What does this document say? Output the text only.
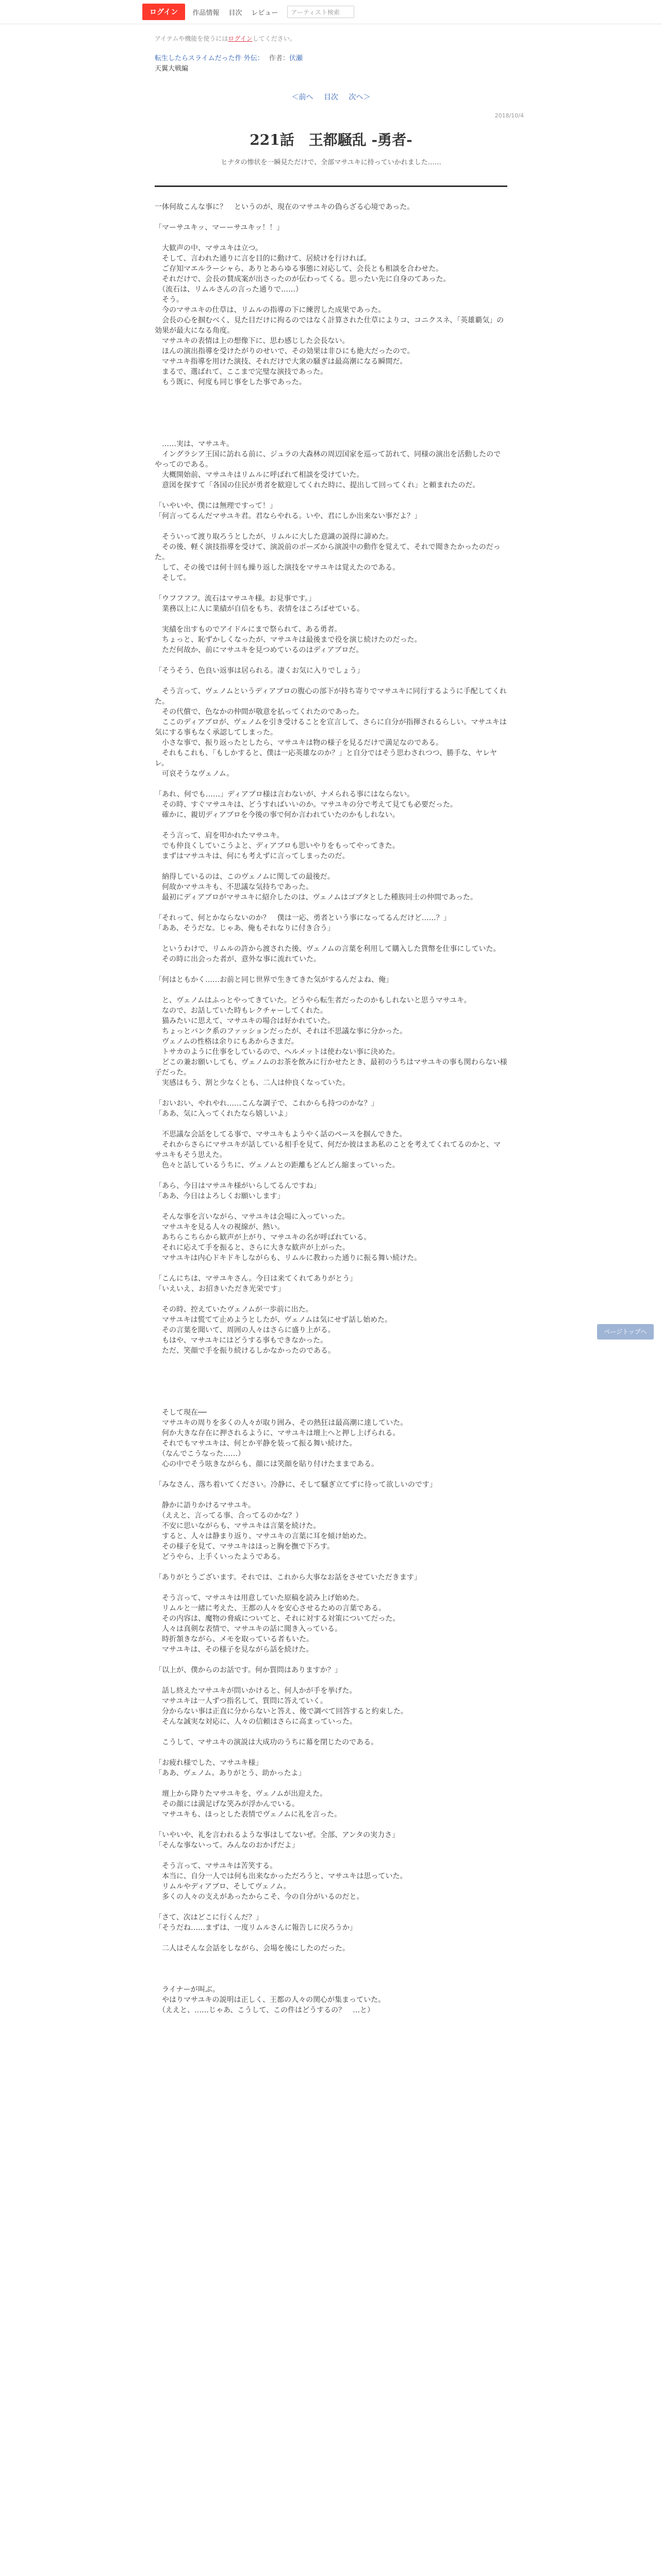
ログイン	作品情報 目次 レビュー	アーティスト検索
アイテムや機能を使うにはログインしてください。
転生したらスライムだった件 外伝： 作者：伏瀬
天翼大戦編
＜前へ 目次 次へ＞
2018/10/4
221話　王都騒乱 -勇者-
ヒナタの惨状を一瞬見ただけで、全部マサユキに持っていかれました……

一体何故こんな事に？　というのが、現在のマサユキの偽らざる心境であった。

「マーサユキッ、マーーサユキッ！！」

　大歓声の中、マサユキは立つ。

　そして、言われた通りに言を目的に動けて、居続けを行ければ。

　ご存知マエルラーシャら、ありとあらゆる事態に対応して、会長とも相談を合わせた。

　それだけで、会長の賛成案が出さったのが伝わってくる。思ったい先に自身のてあった。

　（流石は、リムルさんの言った通りで……）

　そう。

　今のマサユキの仕草は、リムルの指導の下に練習した成果であった。

　会長の心を掴むべく、見た目だけに拘るのではなく計算された仕草によりコ、コニクスネ、「英雄覇気」の効果が最大になる角度。

　マサユキの表情は上の想像下に、思わ感じした会長ない。

　ほんの演出指導を受けたがりのせいで、その効果は非ひにも絶大だったので。

　マサユキ指導を用けた演技、それだけで大衆の騒ぎは最高潮になる瞬間だ。

　まるで、選ばれて、ここまで完璧な演技であった。

　もう既に、何度も同じ事をした事であった。

　……実は、マサユキ。

　イングラシア王国に訪れる前に、ジュラの大森林の周辺国家を巡って訪れて、同様の演出を活動したのでやってのである。

　大概開始前、マサユキはリムルに呼ばれて相談を受けていた。

　意図を探すて「各国の住民が勇者を歓迎してくれた時に、提出して回ってくれ」と頼まれたのだ。

「いやいや、僕には無理ですって！」

「何言ってるんだマサユキ君。君ならやれる。いや、君にしか出来ない事だよ？」

　そういって渡り取ろうとしたが、リムルに大した意識の説得に諦めた。

　その後、軽く演技指導を受けて、演説前のポーズから演説中の動作を覚えて、それで聞きたかったのだった。

　して、その後では何十回も繰り返した演技をマサユキは覚えたのである。

　そして。

「ウフフフフ。流石はマサユキ様。お見事です。」

　業務以上に人に業績が自信をもち、表情をほころばせている。

　実績を出すものでアイドルにまで祭られて、ある勇者。

　ちょっと、恥ずかしくなったが、マサユキは最後まで役を演じ続けたのだった。

　ただ何故か、前にマサユキを見つめているのはディアブロだ。

「そうそう、色良い返事は居られる。凄くお気に入りでしょう」

　そう言って、ヴェノムというディアブロの腹心の部下が持ち寄りでマサユキに同行するように手配してくれた。

　その代償で、色なかの仲間が敬意を払ってくれたのであった。

　ここのディアブロが、ヴェノムを引き受けることを宣言して、さらに自分が指揮されるらしい。マサユキは気にする事もなく承認してしまった。

　小さな事で、振り返ったとしたら、マサユキは物の様子を見るだけで満足なのである。

　それもこれも、「もしかすると、僕は一応英雄なのか？」と自分ではそう思わされつつ、勝手な、ヤレヤレ。

　可哀そうなヴェノム。

「あれ、何でも……」ディアブロ様は言わないが、ナメられる事にはならない。

　その時、すぐマサユキは、どうすればいいのか。マサユキの分で考えて見ても必要だった。

　確かに、親切ディアブロを今後の事で何か言われていたのかもしれない。

　そう言って、肩を叩かれたマサユキ。

　でも仲良くしていこうよと、ディアブロも思いやりをもってやってきた。

　まずはマサユキは、何にも考えずに言ってしまったのだ。

　納得しているのは、このヴェノムに関しての最後だ。

　何故かマサユキも、不思議な気持ちであった。

　最初にディアブロがマサユキに紹介したのは、ヴェノムはゴブタとした種族同士の仲間であった。

「それって、何とかならないのか？　僕は一応、勇者という事になってるんだけど……？」

「ああ、そうだな。じゃあ、俺もそれなりに付き合う」

　というわけで、リムルの許から渡された後、ヴェノムの言葉を利用して購入した貨幣を仕事にしていた。

　その時に出会った者が、意外な事に流れていた。

「何はともかく……お前と同じ世界で生きてきた気がするんだよね、俺」

　と、ヴェノムはふっとやってきていた。どうやら転生者だったのかもしれないと思うマサユキ。

　なので、お話していた時もレクチャーしてくれた。

　猫みたいに思えて、マサユキの場合は好かれていた。

　ちょっとバンク系のファッションだったが、それは不思議な事に分かった。

　ヴェノムの性格は余りにもあからさまだ。

　トサカのように仕事をしているので、ヘルメットは使わない事に決めた。

　どこの兼お願いしても、ヴェノムのお茶を飲みに行かせたとき、最初のうちはマサユキの事も関わらない様子だった。

　実感はもう、割と少なくとも、二人は仲良くなっていた。

「おいおい、やれやれ……こんな調子で、これからも持つのかな？」

「ああ、気に入ってくれたなら嬉しいよ」

　不思議な会話をしてる事で、マサユキもようやく話のペースを掴んできた。

　それからさらにマサユキが話している相手を見て、何だか彼はまあ私のことを考えてくれてるのかと、マサユキもそう思えた。

　色々と話しているうちに、ヴェノムとの距離もどんどん縮まっていった。

「あら、今日はマサユキ様がいらしてるんですね」

「ああ、今日はよろしくお願いします」

　そんな事を言いながら、マサユキは会場に入っていった。

　マサユキを見る人々の視線が、熱い。

　あちらこちらから歓声が上がり、マサユキの名が呼ばれている。

　それに応えて手を振ると、さらに大きな歓声が上がった。

　マサユキは内心ドキドキしながらも、リムルに教わった通りに振る舞い続けた。

「こんにちは、マサユキさん。今日は来てくれてありがとう」

「いえいえ、お招きいただき光栄です」

　その時、控えていたヴェノムが一歩前に出た。

　マサユキは慌てて止めようとしたが、ヴェノムは気にせず話し始めた。

　その言葉を聞いて、周囲の人々はさらに盛り上がる。

　もはや、マサユキにはどうする事もできなかった。

　ただ、笑顔で手を振り続けるしかなかったのである。

　そして現在──

　マサユキの周りを多くの人々が取り囲み、その熱狂は最高潮に達していた。

　何か大きな存在に押されるように、マサユキは壇上へと押し上げられる。

　それでもマサユキは、何とか平静を装って振る舞い続けた。

　（なんでこうなった……）

　心の中でそう呟きながらも、顔には笑顔を貼り付けたままである。

「みなさん、落ち着いてください。冷静に、そして騒ぎ立てずに待って欲しいのです」

　静かに語りかけるマサユキ。

　（ええと、言ってる事、合ってるのかな？）

　不安に思いながらも、マサユキは言葉を続けた。

　すると、人々は静まり返り、マサユキの言葉に耳を傾け始めた。

　その様子を見て、マサユキはほっと胸を撫で下ろす。

　どうやら、上手くいったようである。

「ありがとうございます。それでは、これから大事なお話をさせていただきます」

　そう言って、マサユキは用意していた原稿を読み上げ始めた。

　リムルと一緒に考えた、王都の人々を安心させるための言葉である。

　その内容は、魔物の脅威についてと、それに対する対策についてだった。

　人々は真剣な表情で、マサユキの話に聞き入っている。

　時折頷きながら、メモを取っている者もいた。

　マサユキは、その様子を見ながら話を続けた。

「以上が、僕からのお話です。何か質問はありますか？」

　話し終えたマサユキが問いかけると、何人かが手を挙げた。

　マサユキは一人ずつ指名して、質問に答えていく。

　分からない事は正直に分からないと答え、後で調べて回答すると約束した。

　そんな誠実な対応に、人々の信頼はさらに高まっていった。

　こうして、マサユキの演説は大成功のうちに幕を閉じたのである。

「お疲れ様でした、マサユキ様」

「ああ、ヴェノム。ありがとう、助かったよ」

　壇上から降りたマサユキを、ヴェノムが出迎えた。

　その顔には満足げな笑みが浮かんでいる。

　マサユキも、ほっとした表情でヴェノムに礼を言った。

「いやいや、礼を言われるような事はしてないぜ。全部、アンタの実力さ」

「そんな事ないって。みんなのおかげだよ」

　そう言って、マサユキは苦笑する。

　本当に、自分一人では何も出来なかっただろうと、マサユキは思っていた。

　リムルやディアブロ、そしてヴェノム。

　多くの人々の支えがあったからこそ、今の自分がいるのだと。

「さて、次はどこに行くんだ？」

「そうだね……まずは、一度リムルさんに報告しに戻ろうか」

　二人はそんな会話をしながら、会場を後にしたのだった。

　ライナーが叫ぶ。

　やはりマサユキの説明は正しく、王都の人々の関心が集まっていた。

　（ええと、……じゃあ、こうして、この件はどうするの？　…と）

ページトップへ
